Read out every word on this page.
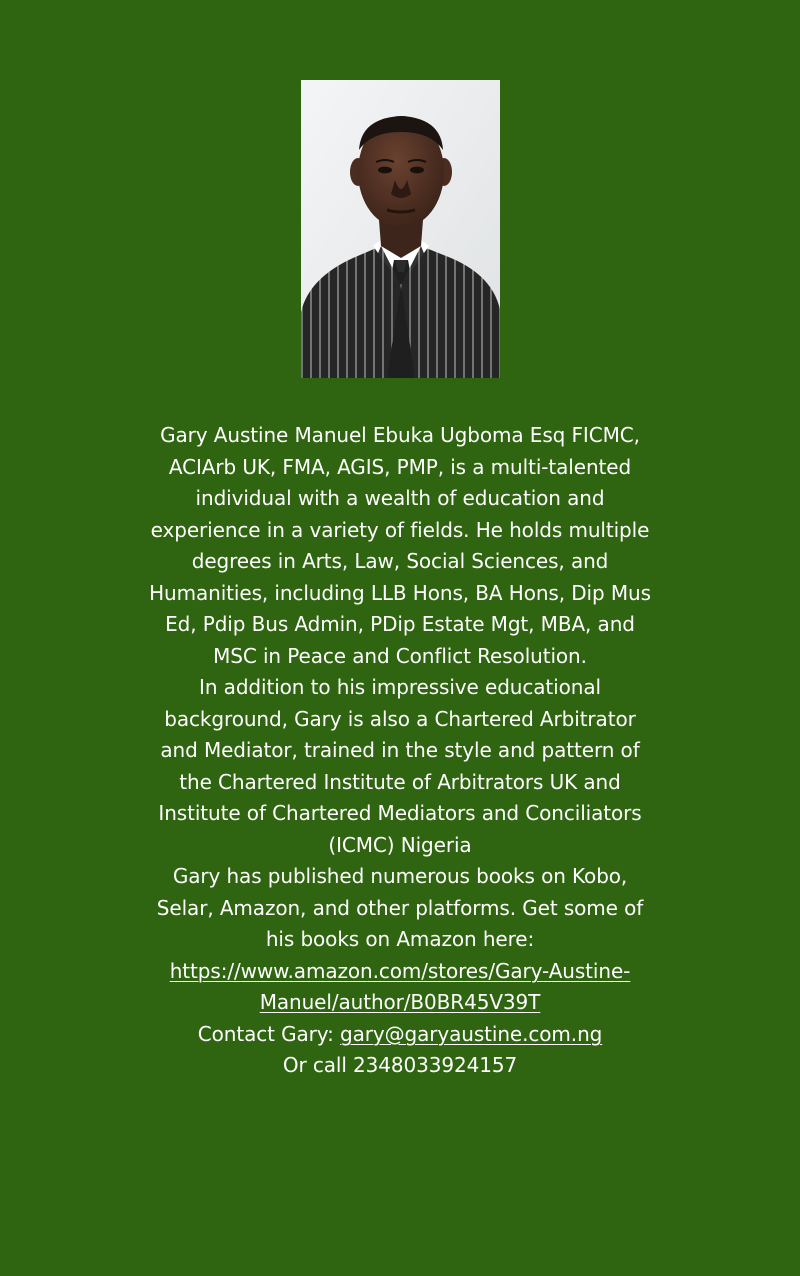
Gary Austine Manuel Ebuka Ugboma Esq FICMC,
ACIArb UK, FMA, AGIS, PMP, is a multi-talented
individual with a wealth of education and
experience in a variety of fields. He holds multiple
degrees in Arts, Law, Social Sciences, and
Humanities, including LLB Hons, BA Hons, Dip Mus
Ed, Pdip Bus Admin, PDip Estate Mgt, MBA, and
MSC in Peace and Conflict Resolution.
In addition to his impressive educational
background, Gary is also a Chartered Arbitrator
and Mediator, trained in the style and pattern of
the Chartered Institute of Arbitrators UK and
Institute of Chartered Mediators and Conciliators
(ICMC) Nigeria
Gary has published numerous books on Kobo,
Selar, Amazon, and other platforms. Get some of
his books on Amazon here:
https://www.amazon.com/stores/Gary-Austine-
Manuel/author/B0BR45V39T
Contact Gary: gary@garyaustine.com.ng
Or call 2348033924157
